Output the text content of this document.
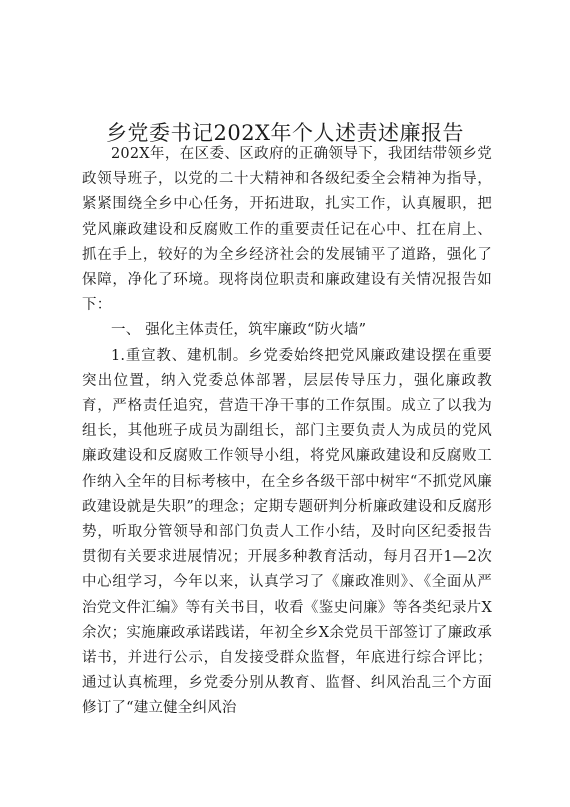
乡党委书记202X年个人述责述廉报告

202X年，在区委、区政府的正确领导下，我团结带领乡党政领导班子，以党的二十大精神和各级纪委全会精神为指导，紧紧围绕全乡中心任务，开拓进取，扎实工作，认真履职，把党风廉政建设和反腐败工作的重要责任记在心中、扛在肩上、抓在手上，较好的为全乡经济社会的发展铺平了道路，强化了保障，净化了环境。现将岗位职责和廉政建设有关情况报告如下：

一、 强化主体责任，筑牢廉政“防火墙”

1.重宣教、建机制。乡党委始终把党风廉政建设摆在重要突出位置，纳入党委总体部署，层层传导压力，强化廉政教育，严格责任追究，营造干净干事的工作氛围。成立了以我为组长，其他班子成员为副组长，部门主要负责人为成员的党风廉政建设和反腐败工作领导小组，将党风廉政建设和反腐败工作纳入全年的目标考核中，在全乡各级干部中树牢“不抓党风廉政建设就是失职”的理念；定期专题研判分析廉政建设和反腐形势，听取分管领导和部门负责人工作小结，及时向区纪委报告贯彻有关要求进展情况；开展多种教育活动，每月召开1—2次中心组学习，今年以来，认真学习了《廉政准则》、《全面从严治党文件汇编》等有关书目，收看《鉴史问廉》等各类纪录片X余次；实施廉政承诺践诺，年初全乡X余党员干部签订了廉政承诺书，并进行公示，自发接受群众监督，年底进行综合评比；通过认真梳理，乡党委分别从教育、监督、纠风治乱三个方面修订了“建立健全纠风治
